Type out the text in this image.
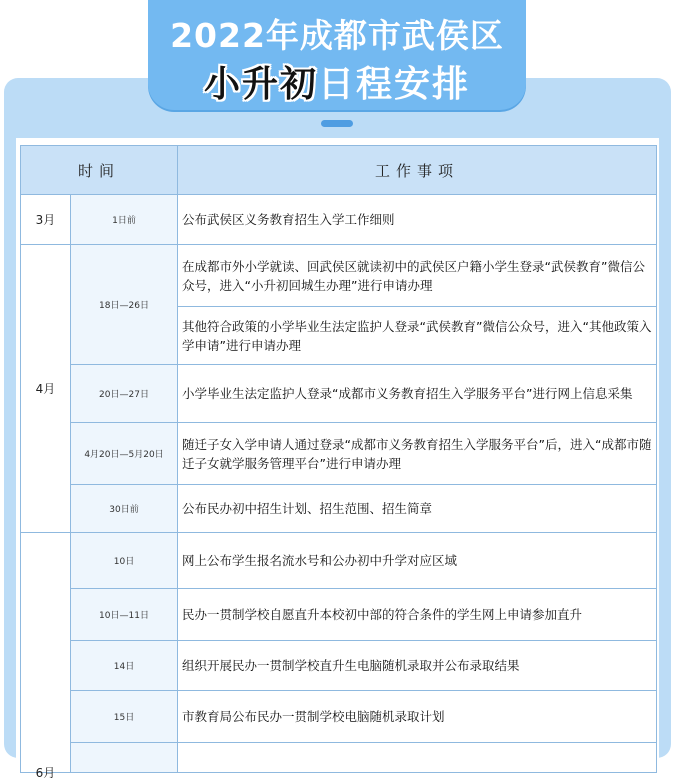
2022年成都市武侯区
小升初日程安排
时间		工作事项

3月	1日前	公布武侯区义务教育招生入学工作细则

4月	18日—26日	在成都市外小学就读、回武侯区就读初中的武侯区户籍小学生登录“武侯教育”微信公众号，进入“小升初回城生办理”进行申请办理
		其他符合政策的小学毕业生法定监护人登录“武侯教育”微信公众号，进入“其他政策入学申请”进行申请办理
	20日—27日	小学毕业生法定监护人登录“成都市义务教育招生入学服务平台”进行网上信息采集
	4月20日—5月20日	随迁子女入学申请人通过登录“成都市义务教育招生入学服务平台”后，进入“成都市随迁子女就学服务管理平台”进行申请办理
	30日前	公布民办初中招生计划、招生范围、招生简章

6月	10日	网上公布学生报名流水号和公办初中升学对应区域
	10日—11日	民办一贯制学校自愿直升本校初中部的符合条件的学生网上申请参加直升
	14日	组织开展民办一贯制学校直升生电脑随机录取并公布录取结果
	15日	市教育局公布民办一贯制学校电脑随机录取计划
